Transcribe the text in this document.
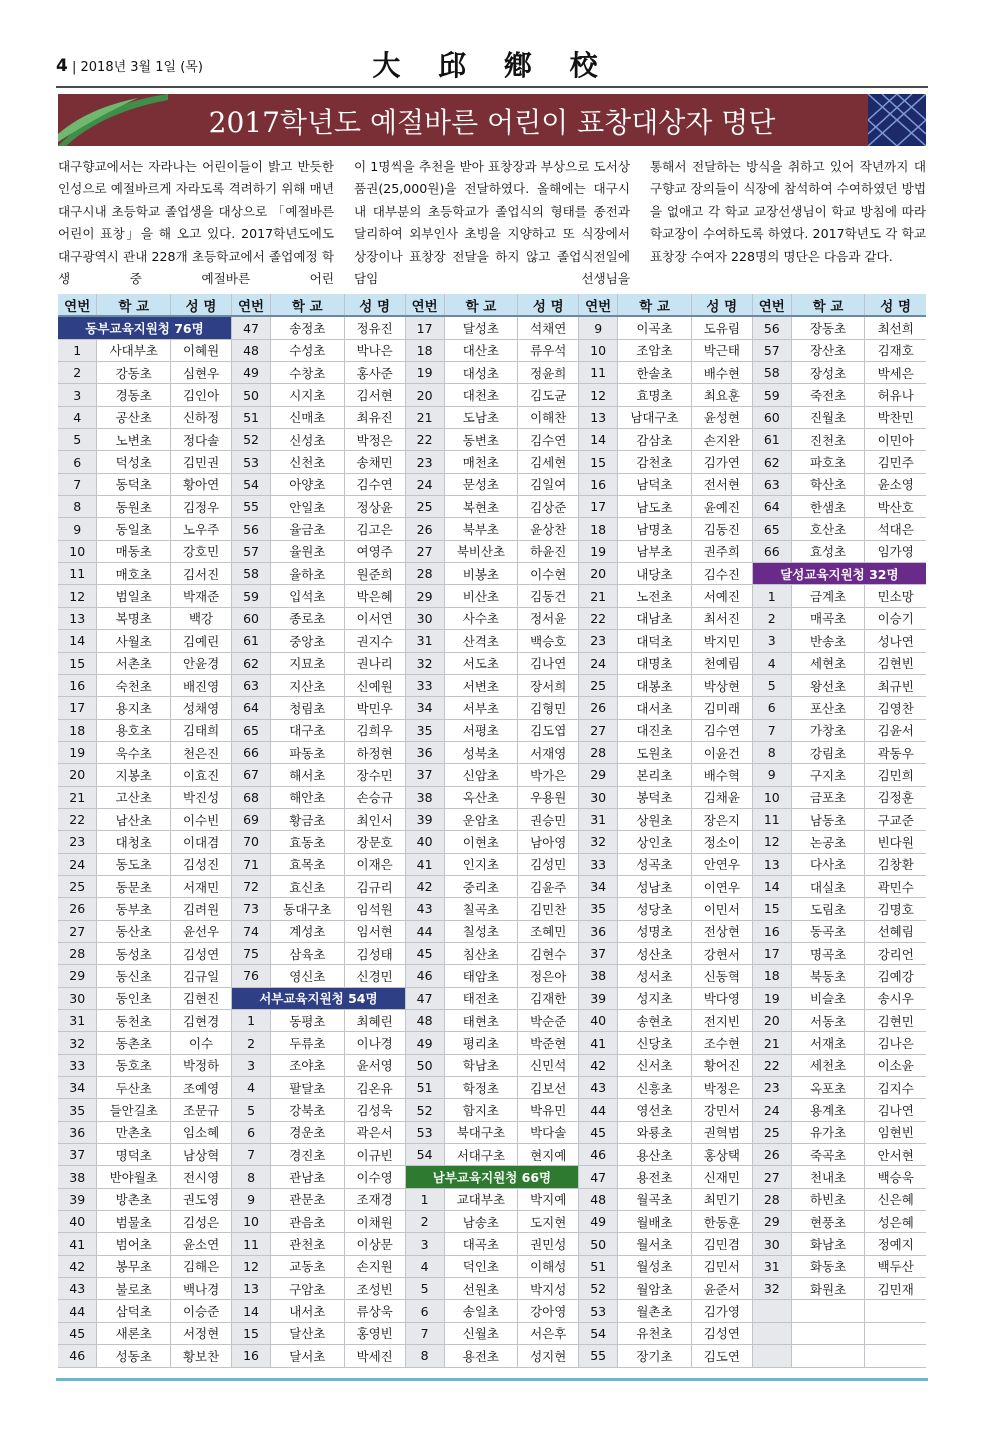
4 | 2018년 3월 1일 (목)	大 邱 鄕 校
2017학년도 예절바른 어린이 표창대상자 명단

대구향교에서는 자라나는 어린이들이 밝고 반듯한 인성으로 예절바르게 자라도록 격려하기 위해 매년 대구시내 초등학교 졸업생을 대상으로 「예절바른 어린이 표창」을 해 오고 있다. 2017학년도에도 대구광역시 관내 228개 초등학교에서 졸업예정 학생 중 예절바른 어린

이 1명씩을 추천을 받아 표창장과 부상으로 도서상품권(25,000원)을 전달하였다. 올해에는 대구시내 대부분의 초등학교가 졸업식의 형태를 종전과 달리하여 외부인사 초빙을 지양하고 또 식장에서 상장이나 표창장 전달을 하지 않고 졸업식전일에 담임 선생님을

통해서 전달하는 방식을 취하고 있어 작년까지 대구향교 장의들이 식장에 참석하여 수여하였던 방법을 없애고 각 학교 교장선생님이 학교 방침에 따라 학교장이 수여하도록 하였다. 2017학년도 각 학교 표창장 수여자 228명의 명단은 다음과 같다.

연번	학 교	성 명	연번	학 교	성 명	연번	학 교	성 명	연번	학 교	성 명	연번	학 교	성 명
동부교육지원청 76명			47	송정초	정유진	17	달성초	석채연	9	이곡초	도유림	56	장동초	최선희
1	사대부초	이혜원	48	수성초	박나은	18	대산초	류우석	10	조암초	박근태	57	장산초	김재호
2	강동초	심현우	49	수창초	홍사준	19	대성초	정윤희	11	한솔초	배수현	58	장성초	박세은
3	경동초	김인아	50	시지초	김서현	20	대천초	김도균	12	효명초	최요훈	59	죽전초	허유나
4	공산초	신하정	51	신매초	최유진	21	도남초	이해찬	13	남대구초	윤성현	60	진월초	박찬민
5	노변초	정다솔	52	신성초	박정은	22	동변초	김수연	14	감삼초	손지완	61	진천초	이민아
6	덕성초	김민권	53	신천초	송채민	23	매천초	김세현	15	감천초	김가연	62	파호초	김민주
7	동덕초	황아연	54	아양초	김수연	24	문성초	김일여	16	남덕초	전서현	63	학산초	윤소영
8	동원초	김정우	55	안일초	정상윤	25	복현초	김상준	17	남도초	윤예진	64	한샘초	박산호
9	동일초	노우주	56	율금초	김고은	26	북부초	윤상찬	18	남명초	김동진	65	호산초	석대은
10	매동초	강호민	57	율원초	여영주	27	북비산초	하윤진	19	남부초	권주희	66	효성초	임가영
11	매호초	김서진	58	율하초	원준희	28	비봉초	이수현	20	내당초	김수진	달성교육지원청 32명		
12	범일초	박재준	59	입석초	박은혜	29	비산초	김동건	21	노전초	서예진	1	금계초	민소망
13	복명초	백강	60	종로초	이서연	30	사수초	정서윤	22	대남초	최서진	2	매곡초	이승기
14	사월초	김예린	61	중앙초	권지수	31	산격초	백승호	23	대덕초	박지민	3	반송초	성나연
15	서촌초	안윤경	62	지묘초	권나리	32	서도초	김나연	24	대명초	천예림	4	세현초	김현빈
16	숙천초	배진영	63	지산초	신예원	33	서변초	장서희	25	대봉초	박상현	5	왕선초	최규빈
17	용지초	성채영	64	청림초	박민우	34	서부초	김형민	26	대서초	김미래	6	포산초	김영찬
18	용호초	김태희	65	대구초	김희우	35	서평초	김도엽	27	대진초	김수연	7	가창초	김윤서
19	욱수초	천은진	66	파동초	하정현	36	성북초	서재영	28	도원초	이윤건	8	강림초	곽동우
20	지봉초	이효진	67	해서초	장수민	37	신암초	박가은	29	본리초	배수혁	9	구지초	김민희
21	고산초	박진성	68	해안초	손승규	38	옥산초	우용원	30	봉덕초	김채윤	10	금포초	김정훈
22	남산초	이수빈	69	황금초	최인서	39	운암초	권승민	31	상원초	장은지	11	남동초	구교준
23	대청초	이대겸	70	효동초	장문호	40	이현초	남아영	32	상인초	정소이	12	논공초	빈다원
24	동도초	김성진	71	효목초	이재은	41	인지초	김성민	33	성곡초	안연우	13	다사초	김창환
25	동문초	서재민	72	효신초	김규리	42	중리초	김윤주	34	성남초	이연우	14	대실초	곽민수
26	동부초	김려원	73	동대구초	임석원	43	칠곡초	김민찬	35	성당초	이민서	15	도림초	김명호
27	동산초	윤선우	74	계성초	임서현	44	칠성초	조혜민	36	성명초	전상현	16	동곡초	선혜림
28	동성초	김성연	75	삼육초	김성태	45	침산초	김현수	37	성산초	강현서	17	명곡초	강리언
29	동신초	김규일	76	영신초	신경민	46	태암초	정은아	38	성서초	신동혁	18	북동초	김예강
30	동인초	김현진	서부교육지원청 54명			47	태전초	김재한	39	성지초	박다영	19	비슬초	송시우
31	동천초	김현경	1	동평초	최혜린	48	태현초	박순준	40	송현초	전지빈	20	서동초	김현민
32	동촌초	이수	2	두류초	이나경	49	평리초	박준현	41	신당초	조수현	21	서재초	김나은
33	동호초	박정하	3	조야초	윤서영	50	학남초	신민석	42	신서초	황어진	22	세천초	이소윤
34	두산초	조예영	4	팔달초	김온유	51	학정초	김보선	43	신흥초	박정은	23	옥포초	김지수
35	들안길초	조문규	5	강북초	김성욱	52	함지초	박유민	44	영선초	강민서	24	용계초	김나연
36	만촌초	임소혜	6	경운초	곽은서	53	북대구초	박다솔	45	와룡초	권혁범	25	유가초	임현빈
37	명덕초	남상혁	7	경진초	이규빈	54	서대구초	현지예	46	용산초	홍상택	26	죽곡초	안서현
38	반야월초	전시영	8	관남초	이수영	남부교육지원청 66명			47	용전초	신재민	27	천내초	백승욱
39	방촌초	권도영	9	관문초	조재경	1	교대부초	박지예	48	월곡초	최민기	28	하빈초	신은혜
40	범물초	김성은	10	관음초	이채원	2	남송초	도지현	49	월배초	한동훈	29	현풍초	성은혜
41	범어초	윤소연	11	관천초	이상문	3	대곡초	권민성	50	월서초	김민겸	30	화남초	정예지
42	봉무초	김해은	12	교동초	손지원	4	덕인초	이해성	51	월성초	김민서	31	화동초	백두산
43	불로초	백나경	13	구암초	조성빈	5	선원초	박지성	52	월암초	윤준서	32	화원초	김민재
44	삼덕초	이승준	14	내서초	류상욱	6	송일초	강아영	53	월촌초	김가영			
45	새론초	서정현	15	달산초	홍영빈	7	신월초	서은후	54	유천초	김성연			
46	성동초	황보찬	16	달서초	박세진	8	용전초	성지현	55	장기초	김도연			
